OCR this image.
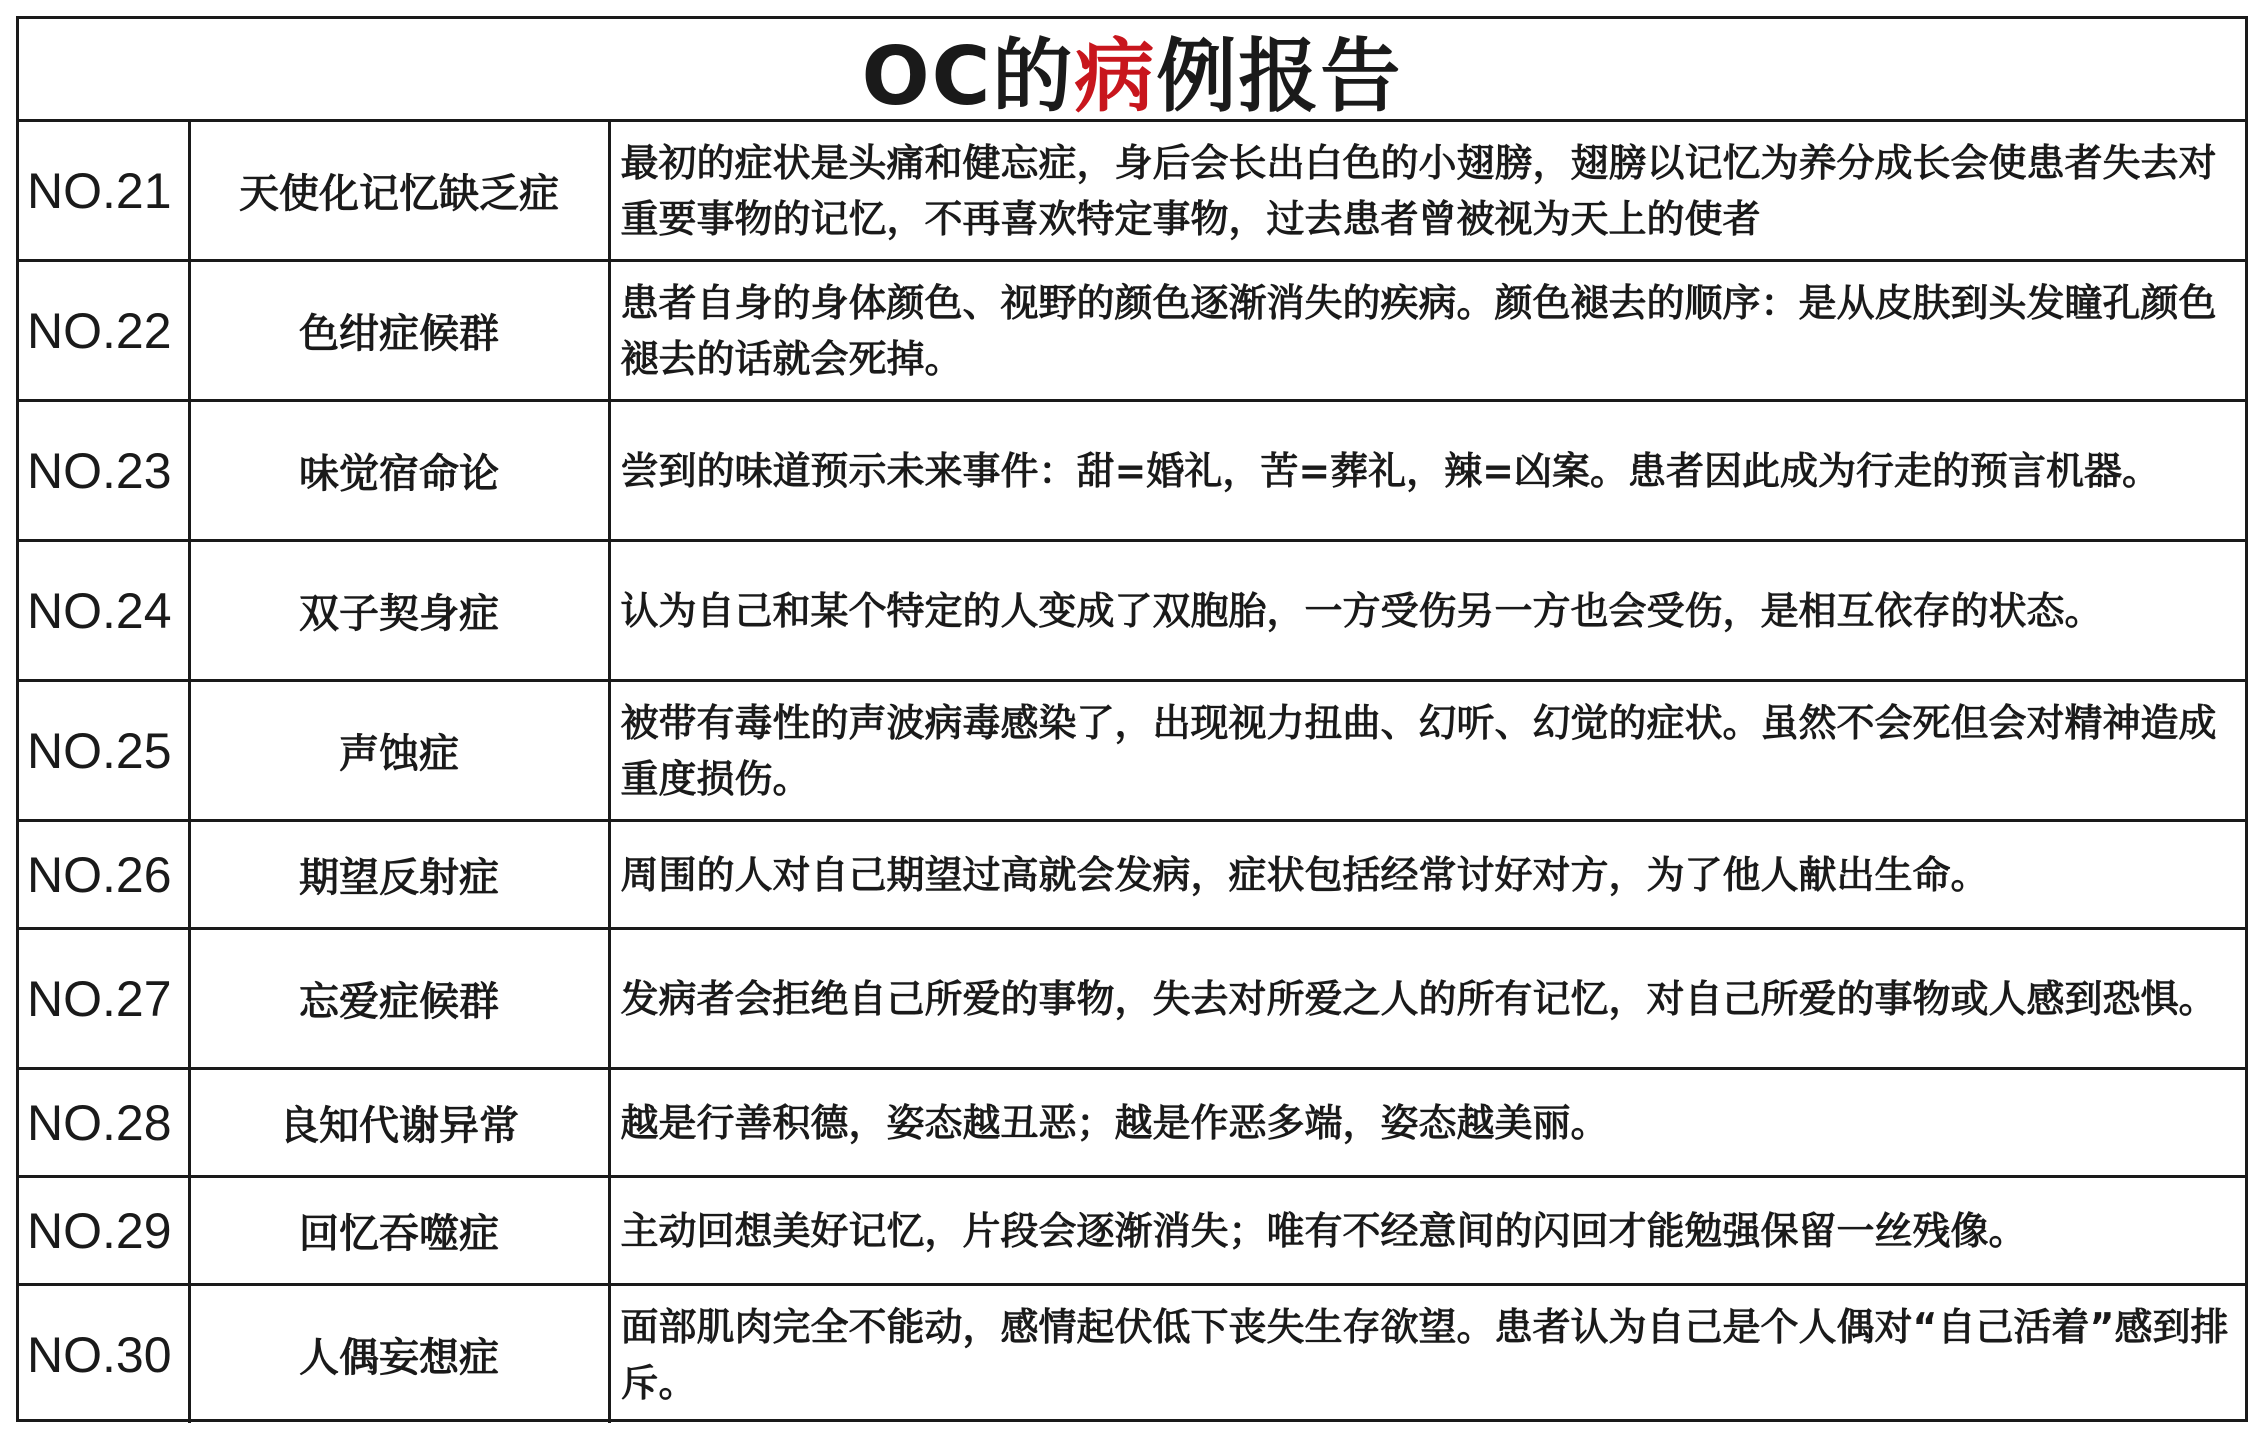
OC的 病 例报告
NO.21	天使化记忆缺乏症	最初的症状是头痛和健忘症，身后会长出白色的小翅膀，翅膀以记忆为养分成长会使患者失去对重要事物的记忆，不再喜欢特定事物，过去患者曾被视为天上的使者
NO.22	色绀症候群	患者自身的身体颜色、视野的颜色逐渐消失的疾病。颜色褪去的顺序：是从皮肤到头发瞳孔颜色褪去的话就会死掉。
NO.23	味觉宿命论	尝到的味道预示未来事件：甜=婚礼，苦=葬礼，辣=凶案。患者因此成为行走的预言机器。
NO.24	双子契身症	认为自己和某个特定的人变成了双胞胎，一方受伤另一方也会受伤，是相互依存的状态。
NO.25	声蚀症	被带有毒性的声波病毒感染了，出现视力扭曲、幻听、幻觉的症状。虽然不会死但会对精神造成重度损伤。
NO.26	期望反射症	周围的人对自己期望过高就会发病，症状包括经常讨好对方，为了他人献出生命。
NO.27	忘爱症候群	发病者会拒绝自己所爱的事物，失去对所爱之人的所有记忆，对自己所爱的事物或人感到恐惧。
NO.28	良知代谢异常	越是行善积德，姿态越丑恶；越是作恶多端，姿态越美丽。
NO.29	回忆吞噬症	主动回想美好记忆，片段会逐渐消失；唯有不经意间的闪回才能勉强保留一丝残像。
NO.30	人偶妄想症	面部肌肉完全不能动，感情起伏低下丧失生存欲望。患者认为自己是个人偶对“自己活着”感到排斥。
